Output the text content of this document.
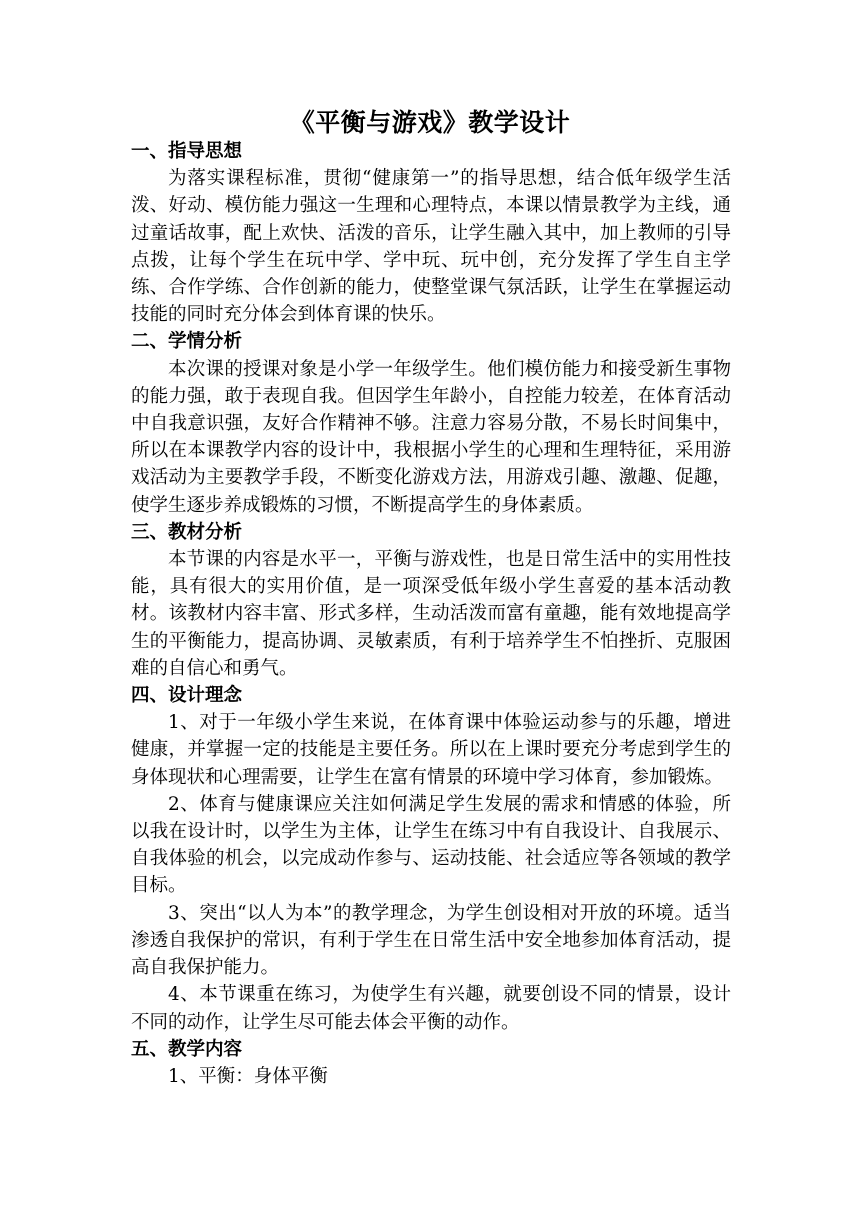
《平衡与游戏》教学设计
一、指导思想

为落实课程标准，贯彻“健康第一”的指导思想，结合低年级学生活泼、好动、模仿能力强这一生理和心理特点，本课以情景教学为主线，通过童话故事，配上欢快、活泼的音乐，让学生融入其中，加上教师的引导点拨，让每个学生在玩中学、学中玩、玩中创，充分发挥了学生自主学练、合作学练、合作创新的能力，使整堂课气氛活跃，让学生在掌握运动技能的同时充分体会到体育课的快乐。

二、学情分析

本次课的授课对象是小学一年级学生。他们模仿能力和接受新生事物的能力强，敢于表现自我。但因学生年龄小，自控能力较差，在体育活动中自我意识强，友好合作精神不够。注意力容易分散，不易长时间集中，所以在本课教学内容的设计中，我根据小学生的心理和生理特征，采用游戏活动为主要教学手段，不断变化游戏方法，用游戏引趣、激趣、促趣，使学生逐步养成锻炼的习惯，不断提高学生的身体素质。

三、教材分析

本节课的内容是水平一，平衡与游戏性，也是日常生活中的实用性技能，具有很大的实用价值，是一项深受低年级小学生喜爱的基本活动教材。该教材内容丰富、形式多样，生动活泼而富有童趣，能有效地提高学生的平衡能力，提高协调、灵敏素质，有利于培养学生不怕挫折、克服困难的自信心和勇气。

四、设计理念

1、对于一年级小学生来说，在体育课中体验运动参与的乐趣，增进健康，并掌握一定的技能是主要任务。所以在上课时要充分考虑到学生的身体现状和心理需要，让学生在富有情景的环境中学习体育，参加锻炼。

2、体育与健康课应关注如何满足学生发展的需求和情感的体验，所以我在设计时，以学生为主体，让学生在练习中有自我设计、自我展示、自我体验的机会，以完成动作参与、运动技能、社会适应等各领域的教学目标。

3、突出“以人为本”的教学理念，为学生创设相对开放的环境。适当渗透自我保护的常识，有利于学生在日常生活中安全地参加体育活动，提高自我保护能力。

4、本节课重在练习，为使学生有兴趣，就要创设不同的情景，设计不同的动作，让学生尽可能去体会平衡的动作。

五、教学内容

1、平衡：身体平衡
